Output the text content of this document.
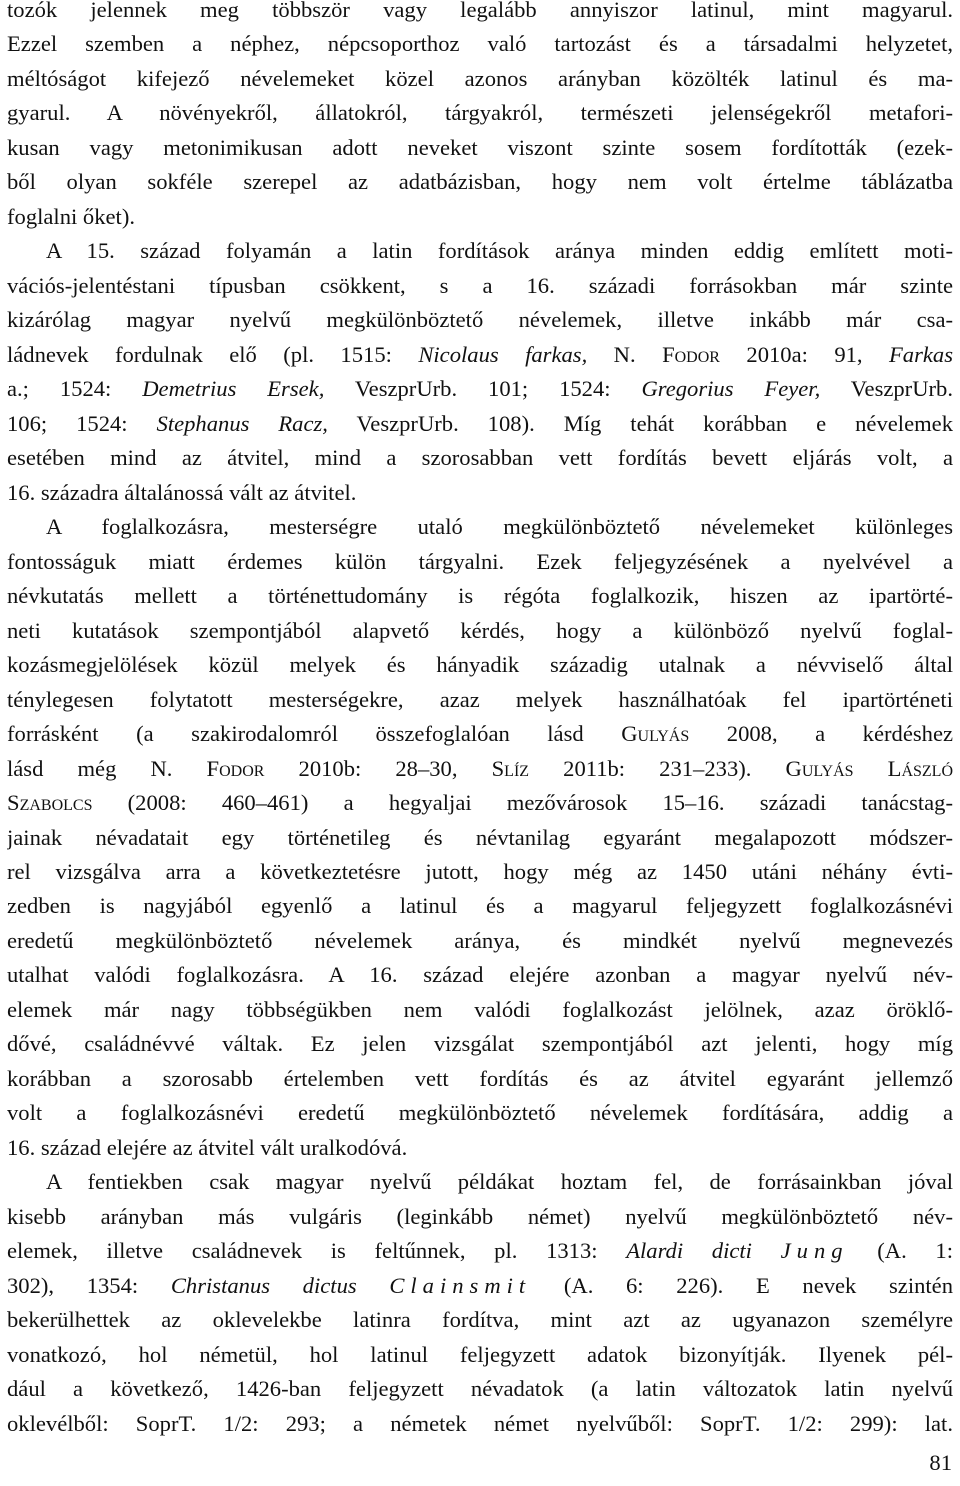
tozók jelennek meg többször vagy legalább annyiszor latinul, mint magyarul.
Ezzel szemben a néphez, népcsoporthoz való tartozást és a társadalmi helyzetet,
méltóságot kifejező névelemeket közel azonos arányban közölték latinul és ma-
gyarul. A növényekről, állatokról, tárgyakról, természeti jelenségekről metafori-
kusan vagy metonimikusan adott neveket viszont szinte sosem fordították (ezek-
ből olyan sokféle szerepel az adatbázisban, hogy nem volt értelme táblázatba
foglalni őket).
A 15. század folyamán a latin fordítások aránya minden eddig említett moti-
vációs-jelentéstani típusban csökkent, s a 16. századi forrásokban már szinte
kizárólag magyar nyelvű megkülönböztető névelemek, illetve inkább már csa-
ládnevek fordulnak elő (pl. 1515: Nicolaus farkas, N. Fodor 2010a: 91, Farkas
a.; 1524: Demetrius Ersek, VeszprUrb. 101; 1524: Gregorius Feyer, VeszprUrb.
106; 1524: Stephanus Racz, VeszprUrb. 108). Míg tehát korábban e névelemek
esetében mind az átvitel, mind a szorosabban vett fordítás bevett eljárás volt, a
16. századra általánossá vált az átvitel.
A foglalkozásra, mesterségre utaló megkülönböztető névelemeket különleges
fontosságuk miatt érdemes külön tárgyalni. Ezek feljegyzésének a nyelvével a
névkutatás mellett a történettudomány is régóta foglalkozik, hiszen az ipartörté-
neti kutatások szempontjából alapvető kérdés, hogy a különböző nyelvű foglal-
kozásmegjelölések közül melyek és hányadik századig utalnak a névviselő által
ténylegesen folytatott mesterségekre, azaz melyek használhatóak fel ipartörténeti
forrásként (a szakirodalomról összefoglalóan lásd Gulyás 2008, a kérdéshez
lásd még N. Fodor 2010b: 28–30, Slíz 2011b: 231–233). Gulyás László
Szabolcs (2008: 460–461) a hegyaljai mezővárosok 15–16. századi tanácstag-
jainak névadatait egy történetileg és névtanilag egyaránt megalapozott módszer-
rel vizsgálva arra a következtetésre jutott, hogy még az 1450 utáni néhány évti-
zedben is nagyjából egyenlő a latinul és a magyarul feljegyzett foglalkozásnévi
eredetű megkülönböztető névelemek aránya, és mindkét nyelvű megnevezés
utalhat valódi foglalkozásra. A 16. század elejére azonban a magyar nyelvű név-
elemek már nagy többségükben nem valódi foglalkozást jelölnek, azaz öröklő-
dővé, családnévvé váltak. Ez jelen vizsgálat szempontjából azt jelenti, hogy míg
korábban a szorosabb értelemben vett fordítás és az átvitel egyaránt jellemző
volt a foglalkozásnévi eredetű megkülönböztető névelemek fordítására, addig a
16. század elejére az átvitel vált uralkodóvá.
A fentiekben csak magyar nyelvű példákat hoztam fel, de forrásainkban jóval
kisebb arányban más vulgáris (leginkább német) nyelvű megkülönböztető név-
elemek, illetve családnevek is feltűnnek, pl. 1313: Alardi dicti Jung (A. 1:
302), 1354: Christanus dictus Clainsmit (A. 6: 226). E nevek szintén
bekerülhettek az oklevelekbe latinra fordítva, mint azt az ugyanazon személyre
vonatkozó, hol németül, hol latinul feljegyzett adatok bizonyítják. Ilyenek pél-
dául a következő, 1426-ban feljegyzett névadatok (a latin változatok latin nyelvű
oklevélből: SoprT. 1/2: 293; a németek német nyelvűből: SoprT. 1/2: 299): lat.
81
